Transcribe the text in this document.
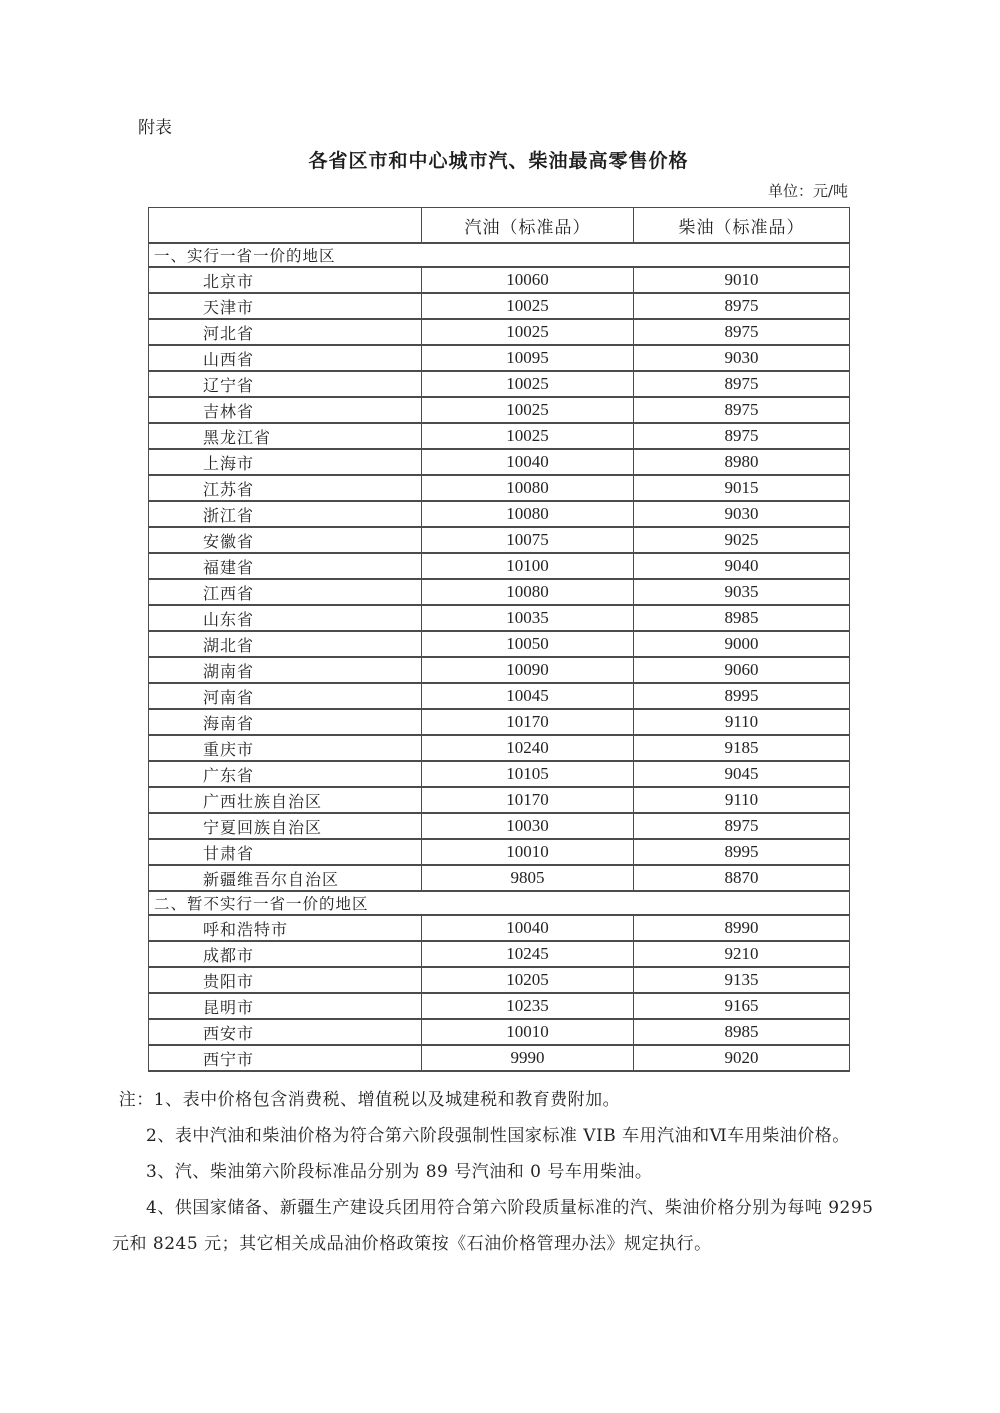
附表
各省区市和中心城市汽、柴油最高零售价格
单位：元/吨
	汽油（标准品）	柴油（标准品）
一、实行一省一价的地区		
北京市	10060	9010
天津市	10025	8975
河北省	10025	8975
山西省	10095	9030
辽宁省	10025	8975
吉林省	10025	8975
黑龙江省	10025	8975
上海市	10040	8980
江苏省	10080	9015
浙江省	10080	9030
安徽省	10075	9025
福建省	10100	9040
江西省	10080	9035
山东省	10035	8985
湖北省	10050	9000
湖南省	10090	9060
河南省	10045	8995
海南省	10170	9110
重庆市	10240	9185
广东省	10105	9045
广西壮族自治区	10170	9110
宁夏回族自治区	10030	8975
甘肃省	10010	8995
新疆维吾尔自治区	9805	8870
二、暂不实行一省一价的地区		
呼和浩特市	10040	8990
成都市	10245	9210
贵阳市	10205	9135
昆明市	10235	9165
西安市	10010	8985
西宁市	9990	9020

注：1、表中价格包含消费税、增值税以及城建税和教育费附加。

2、表中汽油和柴油价格为符合第六阶段强制性国家标准 VIB 车用汽油和Ⅵ车用柴油价格。

3、汽、柴油第六阶段标准品分别为 89 号汽油和 0 号车用柴油。

4、供国家储备、新疆生产建设兵团用符合第六阶段质量标准的汽、柴油价格分别为每吨 9295 元和 8245 元；其它相关成品油价格政策按《石油价格管理办法》规定执行。
